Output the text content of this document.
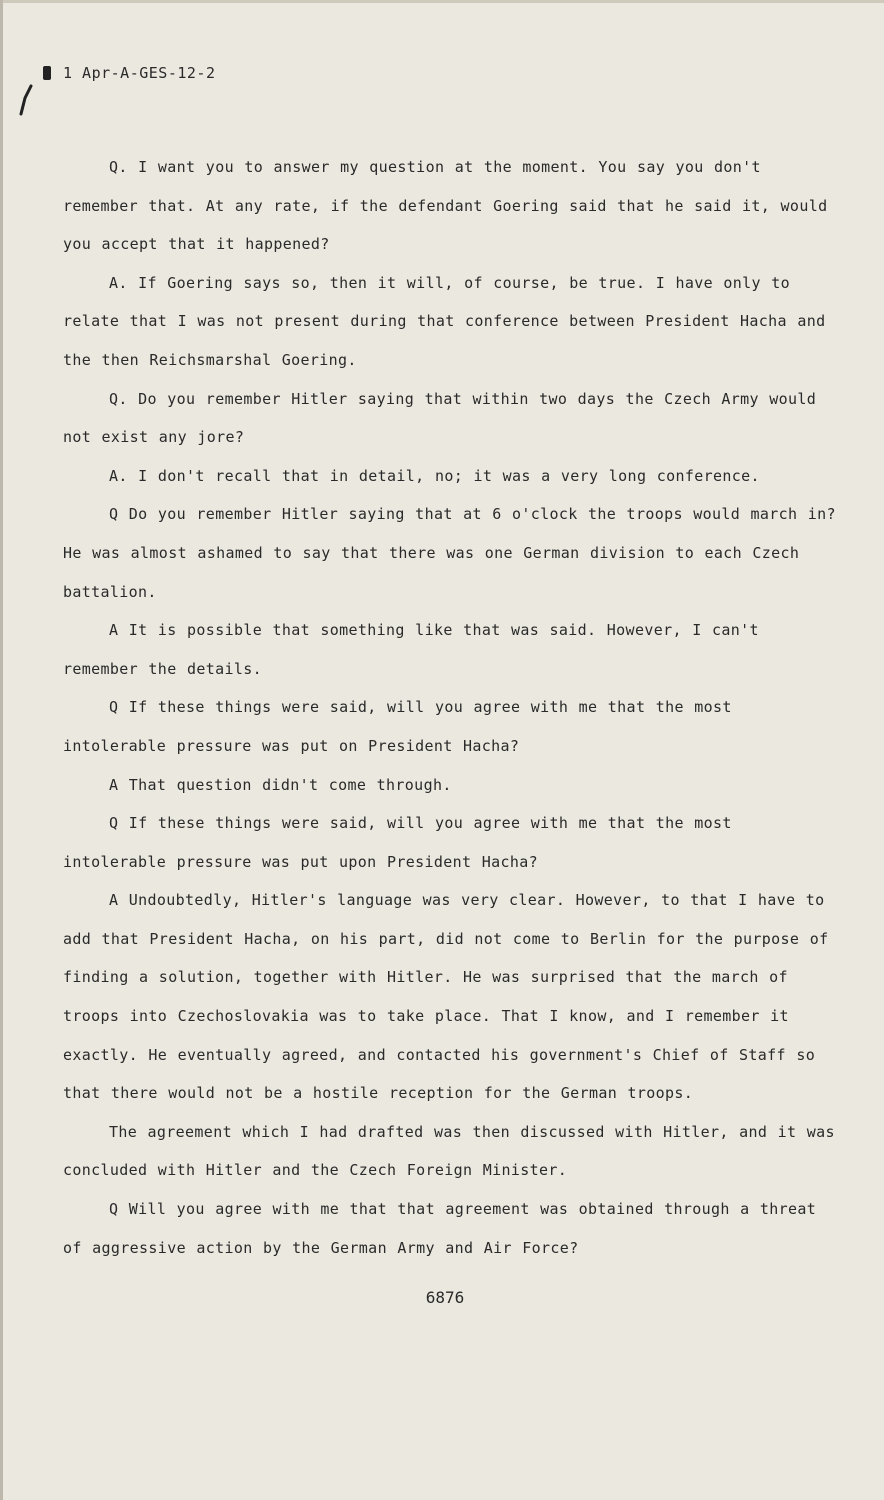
1 Apr-A-GES-12-2

Q. I want you to answer my question at the moment. You say you don't remember that. At any rate, if the defendant Goering said that he said it, would you accept that it happened?

A. If Goering says so, then it will, of course, be true. I have only to relate that I was not present during that conference between President Hacha and the then Reichsmarshal Goering.

Q. Do you remember Hitler saying that within two days the Czech Army would not exist any jore?

A. I don't recall that in detail, no; it was a very long conference.

Q Do you remember Hitler saying that at 6 o'clock the troops would march in? He was almost ashamed to say that there was one German division to each Czech battalion.

A It is possible that something like that was said. However, I can't remember the details.

Q If these things were said, will you agree with me that the most intolerable pressure was put on President Hacha?

A That question didn't come through.

Q If these things were said, will you agree with me that the most intolerable pressure was put upon President Hacha?

A Undoubtedly, Hitler's language was very clear. However, to that I have to add that President Hacha, on his part, did not come to Berlin for the purpose of finding a solution, together with Hitler. He was surprised that the march of troops into Czechoslovakia was to take place. That I know, and I remember it exactly. He eventually agreed, and contacted his government's Chief of Staff so that there would not be a hostile reception for the German troops.

The agreement which I had drafted was then discussed with Hitler, and it was concluded with Hitler and the Czech Foreign Minister.

Q Will you agree with me that that agreement was obtained through a threat of aggressive action by the German Army and Air Force?

6876
